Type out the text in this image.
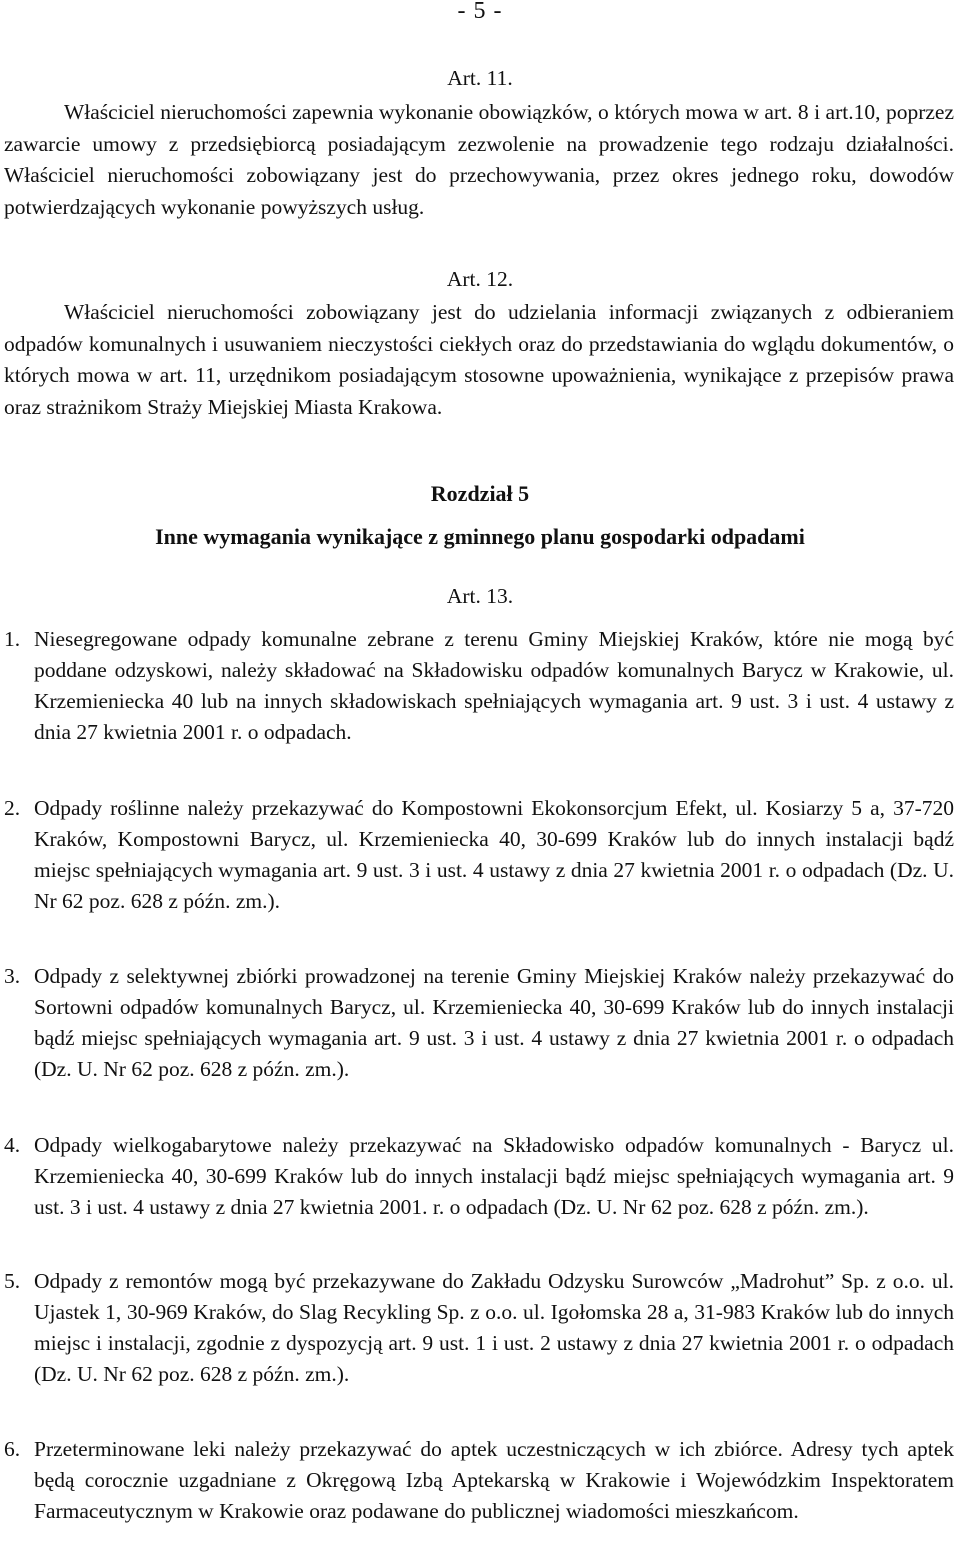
- 5 -
Art. 11.
Właściciel nieruchomości zapewnia wykonanie obowiązków, o których mowa w art. 8 i art.10, poprzez zawarcie umowy z przedsiębiorcą posiadającym zezwolenie na prowadzenie tego rodzaju działalności. Właściciel nieruchomości zobowiązany jest do przechowywania, przez okres jednego roku, dowodów potwierdzających wykonanie powyższych usług.
Art. 12.
Właściciel nieruchomości zobowiązany jest do udzielania informacji związanych z odbieraniem odpadów komunalnych i usuwaniem nieczystości ciekłych oraz do przedstawiania do wglądu dokumentów, o których mowa w art. 11, urzędnikom posiadającym stosowne upoważnienia, wynikające z przepisów prawa oraz strażnikom Straży Miejskiej Miasta Krakowa.
Rozdział 5
Inne wymagania wynikające z gminnego planu gospodarki odpadami
Art. 13.
1. Niesegregowane odpady komunalne zebrane z terenu Gminy Miejskiej Kraków, które nie mogą być poddane odzyskowi, należy składować na Składowisku odpadów komunalnych Barycz w Krakowie, ul. Krzemieniecka 40 lub na innych składowiskach spełniających wymagania art. 9 ust. 3 i ust. 4 ustawy z dnia 27 kwietnia 2001 r. o odpadach.
2. Odpady roślinne należy przekazywać do Kompostowni Ekokonsorcjum Efekt, ul. Kosiarzy 5 a, 37-720 Kraków, Kompostowni Barycz, ul. Krzemieniecka 40, 30-699 Kraków lub do innych instalacji bądź miejsc spełniających wymagania art. 9 ust. 3 i ust. 4 ustawy z dnia 27 kwietnia 2001 r. o odpadach (Dz. U. Nr 62 poz. 628 z późn. zm.).
3. Odpady z selektywnej zbiórki prowadzonej na terenie Gminy Miejskiej Kraków należy przekazywać do Sortowni odpadów komunalnych Barycz, ul. Krzemieniecka 40, 30-699 Kraków lub do innych instalacji bądź miejsc spełniających wymagania art. 9 ust. 3 i ust. 4 ustawy z dnia 27 kwietnia 2001 r. o odpadach (Dz. U. Nr 62 poz. 628 z późn. zm.).
4. Odpady wielkogabarytowe należy przekazywać na Składowisko odpadów komunalnych - Barycz ul. Krzemieniecka 40, 30-699 Kraków lub do innych instalacji bądź miejsc spełniających wymagania art. 9 ust. 3 i ust. 4 ustawy z dnia 27 kwietnia 2001. r. o odpadach (Dz. U. Nr 62 poz. 628 z późn. zm.).
5. Odpady z remontów mogą być przekazywane do Zakładu Odzysku Surowców „Madrohut” Sp. z o.o. ul. Ujastek 1, 30-969 Kraków, do Slag Recykling Sp. z o.o. ul. Igołomska 28 a, 31-983 Kraków lub do innych miejsc i instalacji, zgodnie z dyspozycją art. 9 ust. 1 i ust. 2 ustawy z dnia 27 kwietnia 2001 r. o odpadach (Dz. U. Nr 62 poz. 628 z późn. zm.).
6. Przeterminowane leki należy przekazywać do aptek uczestniczących w ich zbiórce. Adresy tych aptek będą corocznie uzgadniane z Okręgową Izbą Aptekarską w Krakowie i Wojewódzkim Inspektoratem Farmaceutycznym w Krakowie oraz podawane do publicznej wiadomości mieszkańcom.
